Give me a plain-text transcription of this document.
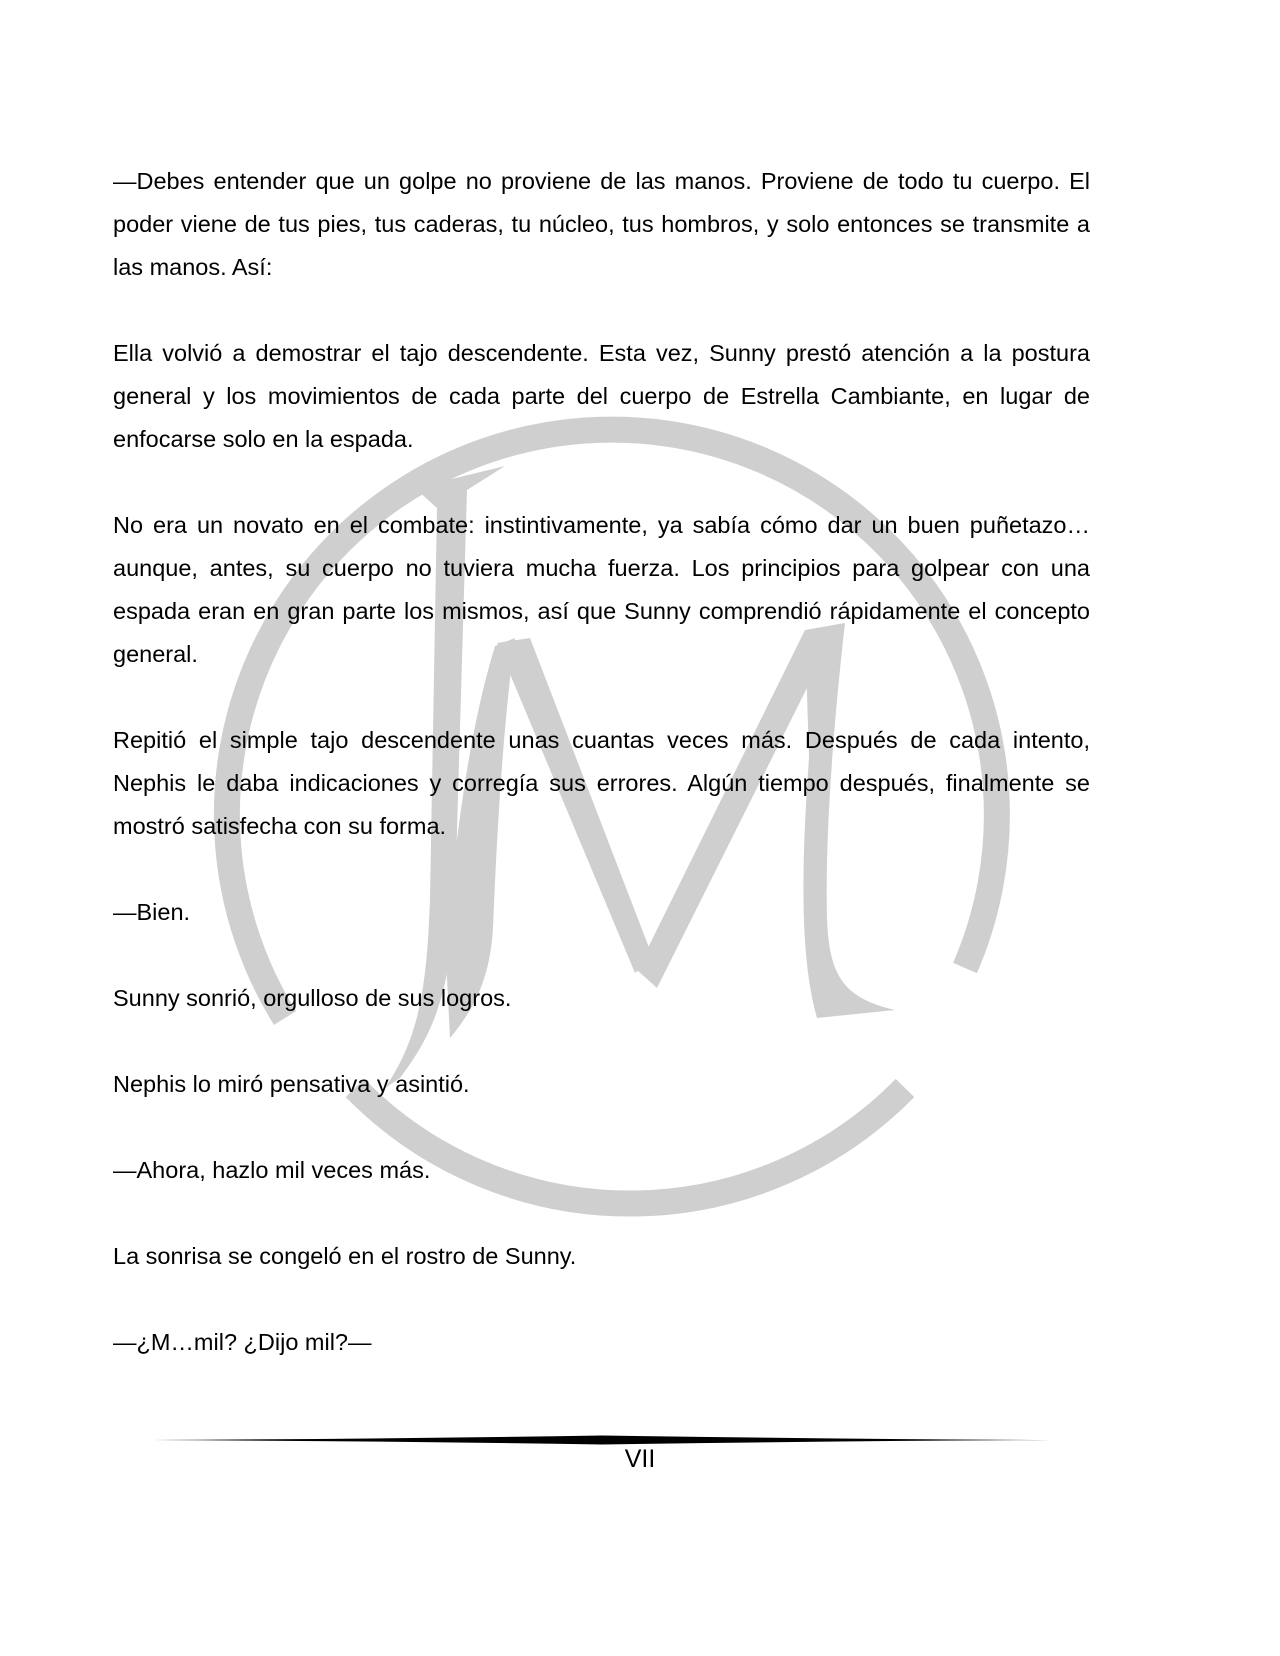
—Debes entender que un golpe no proviene de las manos. Proviene de todo tu cuerpo. El poder viene de tus pies, tus caderas, tu núcleo, tus hombros, y solo entonces se transmite a las manos. Así:

Ella volvió a demostrar el tajo descendente. Esta vez, Sunny prestó atención a la postura general y los movimientos de cada parte del cuerpo de Estrella Cambiante, en lugar de enfocarse solo en la espada.

No era un novato en el combate: instintivamente, ya sabía cómo dar un buen puñetazo… aunque, antes, su cuerpo no tuviera mucha fuerza. Los principios para golpear con una espada eran en gran parte los mismos, así que Sunny comprendió rápidamente el concepto general.

Repitió el simple tajo descendente unas cuantas veces más. Después de cada intento, Nephis le daba indicaciones y corregía sus errores. Algún tiempo después, finalmente se mostró satisfecha con su forma.

—Bien.

Sunny sonrió, orgulloso de sus logros.

Nephis lo miró pensativa y asintió.

—Ahora, hazlo mil veces más.

La sonrisa se congeló en el rostro de Sunny.

—¿M…mil? ¿Dijo mil?—

VII
